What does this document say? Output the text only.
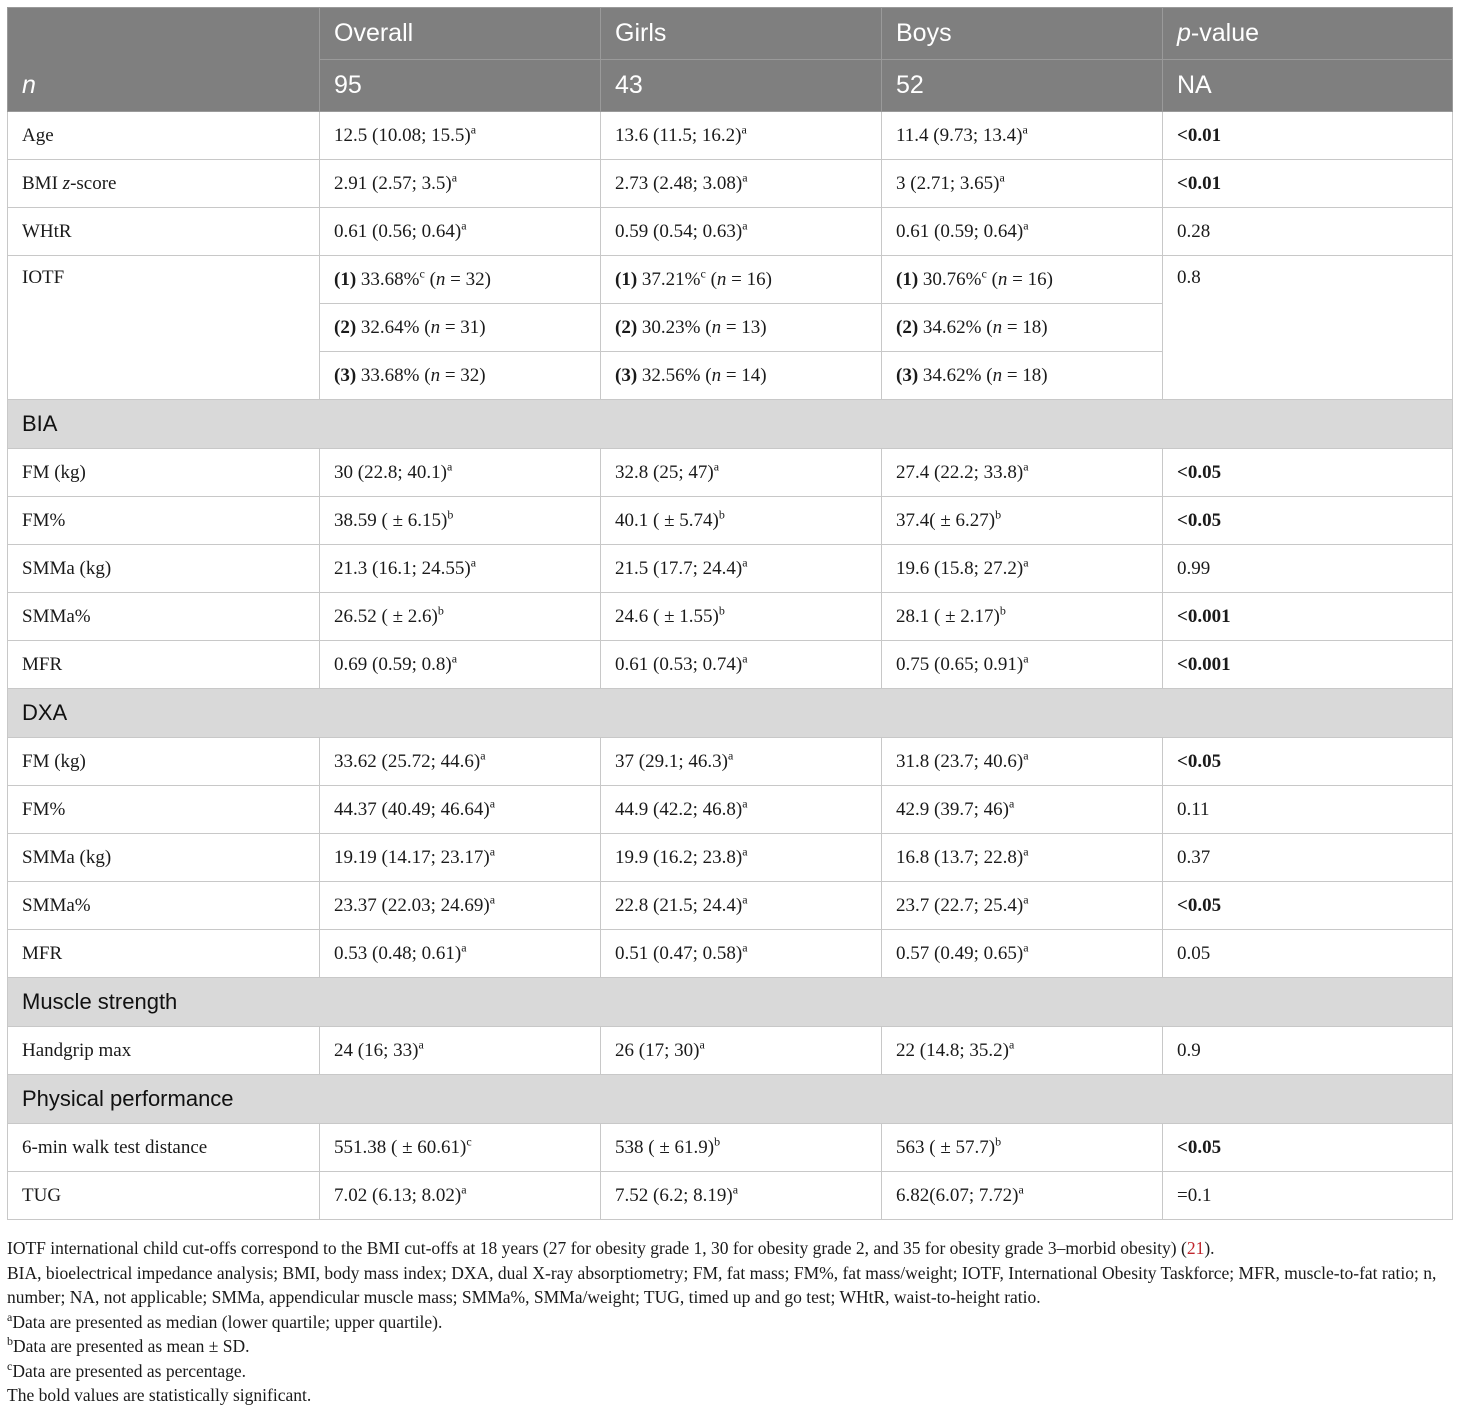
	Overall	Girls	Boys	p-value
n	95	43	52	NA
Age	12.5 (10.08; 15.5)$^a$	13.6 (11.5; 16.2)$^a$	11.4 (9.73; 13.4)$^a$	<0.01
BMI z-score	2.91 (2.57; 3.5)$^a$	2.73 (2.48; 3.08)$^a$	3 (2.71; 3.65)$^a$	<0.01
WHtR	0.61 (0.56; 0.64)$^a$	0.59 (0.54; 0.63)$^a$	0.61 (0.59; 0.64)$^a$	0.28
IOTF	(1) 33.68%$^c$ (n = 32)	(1) 37.21%$^c$ (n = 16)	(1) 30.76%$^c$ (n = 16)	0.8
	(2) 32.64% (n = 31)	(2) 30.23% (n = 13)	(2) 34.62% (n = 18)	
	(3) 33.68% (n = 32)	(3) 32.56% (n = 14)	(3) 34.62% (n = 18)	
BIA				
FM (kg)	30 (22.8; 40.1)$^a$	32.8 (25; 47)$^a$	27.4 (22.2; 33.8)$^a$	<0.05
FM%	38.59 ( ± 6.15)$^b$	40.1 ( ± 5.74)$^b$	$37.4( \pm 6.27)^b$	<0.05
SMMa (kg)	21.3 (16.1; 24.55)$^a$	21.5 (17.7; 24.4)$^a$	19.6 (15.8; 27.2)$^a$	0.99
SMMa%	26.52 ( ± 2.6)$^b$	24.6 ( ± 1.55)$^b$	28.1 ( ± 2.17)$^b$	<0.001
MFR	0.69 (0.59; 0.8)$^a$	0.61 (0.53; 0.74)$^a$	0.75 (0.65; 0.91)$^a$	<0.001
DXA				
FM (kg)	33.62 (25.72; 44.6)$^a$	37 (29.1; 46.3)$^a$	31.8 (23.7; 40.6)$^a$	<0.05
FM%	44.37 (40.49; 46.64)$^a$	44.9 (42.2; 46.8)$^a$	42.9 (39.7; 46)$^a$	0.11
SMMa (kg)	19.19 (14.17; 23.17)$^a$	19.9 (16.2; 23.8)$^a$	16.8 (13.7; 22.8)$^a$	0.37
SMMa%	23.37 (22.03; 24.69)$^a$	22.8 (21.5; 24.4)$^a$	23.7 (22.7; 25.4)$^a$	<0.05
MFR	0.53 (0.48; 0.61)$^a$	0.51 (0.47; 0.58)$^a$	0.57 (0.49; 0.65)$^a$	0.05
Muscle strength				
Handgrip max	24 (16; 33)$^a$	26 (17; 30)$^a$	22 (14.8; 35.2)$^a$	0.9
Physical performance				
6-min walk test distance	551.38 ( ± 60.61)$^c$	538 ( ± 61.9)$^b$	563 ( ± 57.7)$^b$	<0.05
TUG	7.02 (6.13; 8.02)$^a$	7.52 (6.2; 8.19)$^a$	6.82(6.07; 7.72)$^a$	=0.1

IOTF international child cut-offs correspond to the BMI cut-offs at 18 years (27 for obesity grade 1, 30 for obesity grade 2, and 35 for obesity grade 3–morbid obesity) (21).

BIA, bioelectrical impedance analysis; BMI, body mass index; DXA, dual X-ray absorptiometry; FM, fat mass; FM%, fat mass/weight; IOTF, International Obesity Taskforce; MFR, muscle-to-fat ratio; n, number; NA, not applicable; SMMa, appendicular muscle mass; SMMa%, SMMa/weight; TUG, timed up and go test; WHtR, waist-to-height ratio.

$^a$Data are presented as median (lower quartile; upper quartile).

$^b$Data are presented as mean ± SD.

$^c$Data are presented as percentage.

The bold values are statistically significant.
